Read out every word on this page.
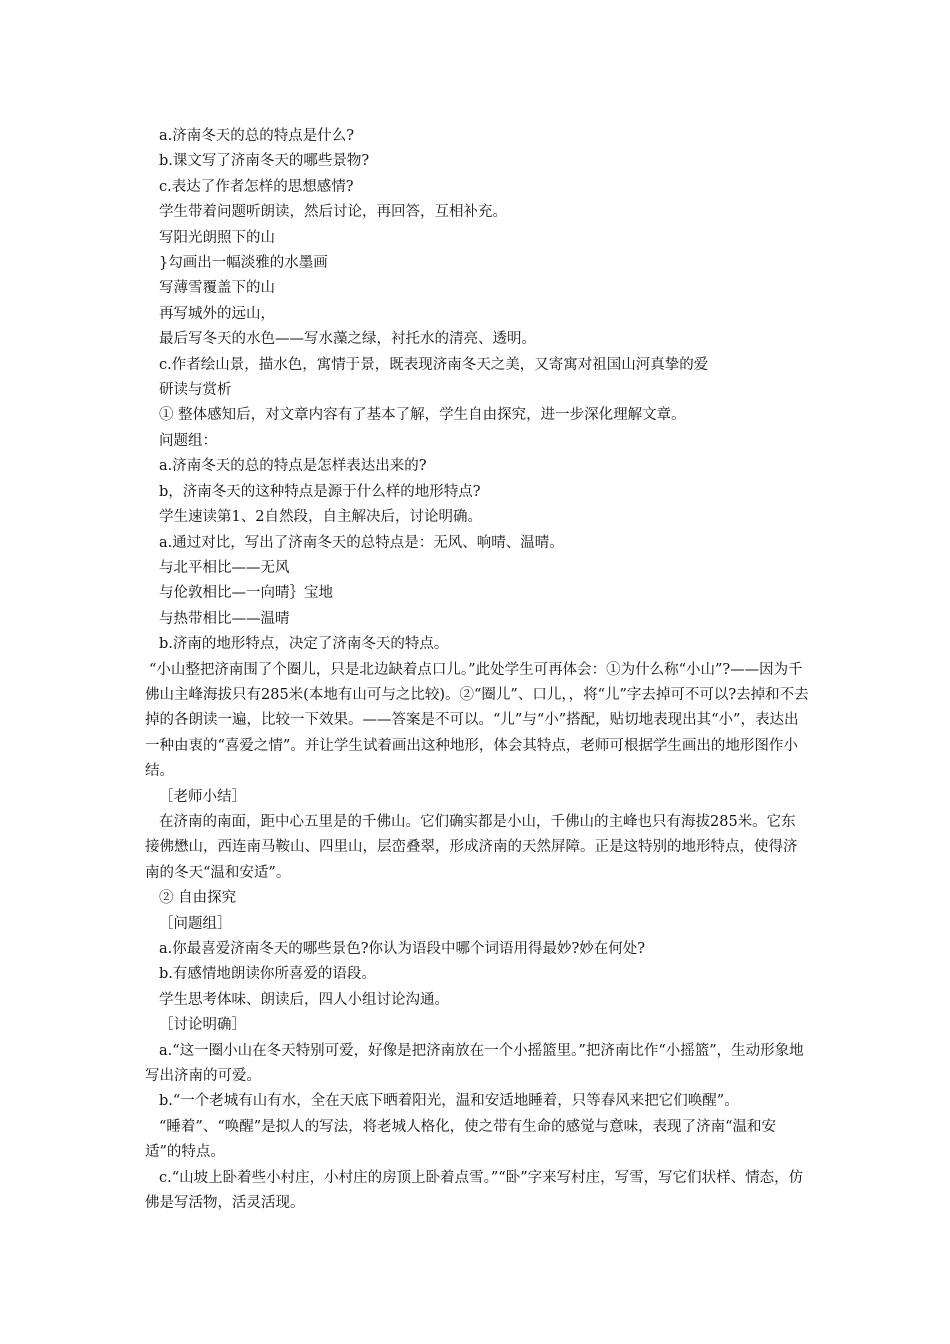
a.济南冬天的总的特点是什么?

b.课文写了济南冬天的哪些景物?

c.表达了作者怎样的思想感情?

学生带着问题听朗读，然后讨论，再回答，互相补充。

写阳光朗照下的山

}勾画出一幅淡雅的水墨画

写薄雪覆盖下的山

再写城外的远山，

最后写冬天的水色——写水藻之绿，衬托水的清亮、透明。

c.作者绘山景，描水色，寓情于景，既表现济南冬天之美，又寄寓对祖国山河真挚的爱

研读与赏析

① 整体感知后，对文章内容有了基本了解，学生自由探究，进一步深化理解文章。

问题组：

a.济南冬天的总的特点是怎样表达出来的?

b，济南冬天的这种特点是源于什么样的地形特点?

学生速读第1、2自然段，自主解决后，讨论明确。

a.通过对比，写出了济南冬天的总特点是：无风、响晴、温晴。

与北平相比——无风

与伦敦相比—一向晴｝宝地

与热带相比——温晴

b.济南的地形特点，决定了济南冬天的特点。

“小山整把济南围了个圈儿，只是北边缺着点口儿。”此处学生可再体会：①为什么称“小山”?——因为千佛山主峰海拔只有285米(本地有山可与之比较)。②“圈儿”、口儿，，将“儿”字去掉可不可以?去掉和不去掉的各朗读一遍，比较一下效果。——答案是不可以。“儿”与“小”搭配，贴切地表现出其“小”，表达出一种由衷的“喜爱之情”。并让学生试着画出这种地形，体会其特点，老师可根据学生画出的地形图作小结。

［老师小结］

在济南的南面，距中心五里是的千佛山。它们确实都是小山，千佛山的主峰也只有海拔285米。它东接佛懋山，西连南马鞍山、四里山，层峦叠翠，形成济南的天然屏障。正是这特别的地形特点，使得济南的冬天“温和安适”。

② 自由探究

［问题组］

a.你最喜爱济南冬天的哪些景色?你认为语段中哪个词语用得最妙?妙在何处?

b.有感情地朗读你所喜爱的语段。

学生思考体味、朗读后，四人小组讨论沟通。

［讨论明确］

a.“这一圈小山在冬天特别可爱，好像是把济南放在一个小摇篮里。”把济南比作“小摇篮”，生动形象地写出济南的可爱。

b.“一个老城有山有水，全在天底下晒着阳光，温和安适地睡着，只等春风来把它们唤醒”。

“睡着”、“唤醒”是拟人的写法，将老城人格化，使之带有生命的感觉与意味，表现了济南“温和安适”的特点。

c.“山坡上卧着些小村庄，小村庄的房顶上卧着点雪。”“卧”字来写村庄，写雪，写它们状样、情态，仿佛是写活物，活灵活现。
